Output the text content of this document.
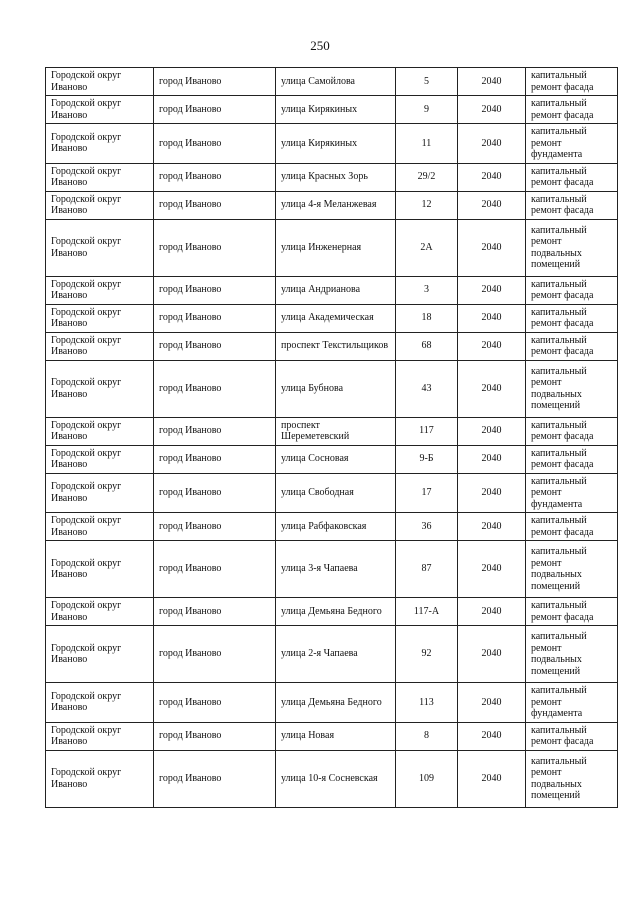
250
Городской округ Иваново	город Иваново	улица Самойлова	5	2040	капитальный ремонт фасада
Городской округ Иваново	город Иваново	улица Кирякиных	9	2040	капитальный ремонт фасада
Городской округ Иваново	город Иваново	улица Кирякиных	11	2040	капитальный ремонт фундамента
Городской округ Иваново	город Иваново	улица Красных Зорь	29/2	2040	капитальный ремонт фасада
Городской округ Иваново	город Иваново	улица 4-я Меланжевая	12	2040	капитальный ремонт фасада
Городской округ Иваново	город Иваново	улица Инженерная	2А	2040	капитальный ремонт подвальных помещений
Городской округ Иваново	город Иваново	улица Андрианова	3	2040	капитальный ремонт фасада
Городской округ Иваново	город Иваново	улица Академическая	18	2040	капитальный ремонт фасада
Городской округ Иваново	город Иваново	проспект Текстильщиков	68	2040	капитальный ремонт фасада
Городской округ Иваново	город Иваново	улица Бубнова	43	2040	капитальный ремонт подвальных помещений
Городской округ Иваново	город Иваново	проспект Шереметевский	117	2040	капитальный ремонт фасада
Городской округ Иваново	город Иваново	улица Сосновая	9-Б	2040	капитальный ремонт фасада
Городской округ Иваново	город Иваново	улица Свободная	17	2040	капитальный ремонт фундамента
Городской округ Иваново	город Иваново	улица Рабфаковская	36	2040	капитальный ремонт фасада
Городской округ Иваново	город Иваново	улица 3-я Чапаева	87	2040	капитальный ремонт подвальных помещений
Городской округ Иваново	город Иваново	улица Демьяна Бедного	117-А	2040	капитальный ремонт фасада
Городской округ Иваново	город Иваново	улица 2-я Чапаева	92	2040	капитальный ремонт подвальных помещений
Городской округ Иваново	город Иваново	улица Демьяна Бедного	113	2040	капитальный ремонт фундамента
Городской округ Иваново	город Иваново	улица Новая	8	2040	капитальный ремонт фасада
Городской округ Иваново	город Иваново	улица 10-я Сосневская	109	2040	капитальный ремонт подвальных помещений
